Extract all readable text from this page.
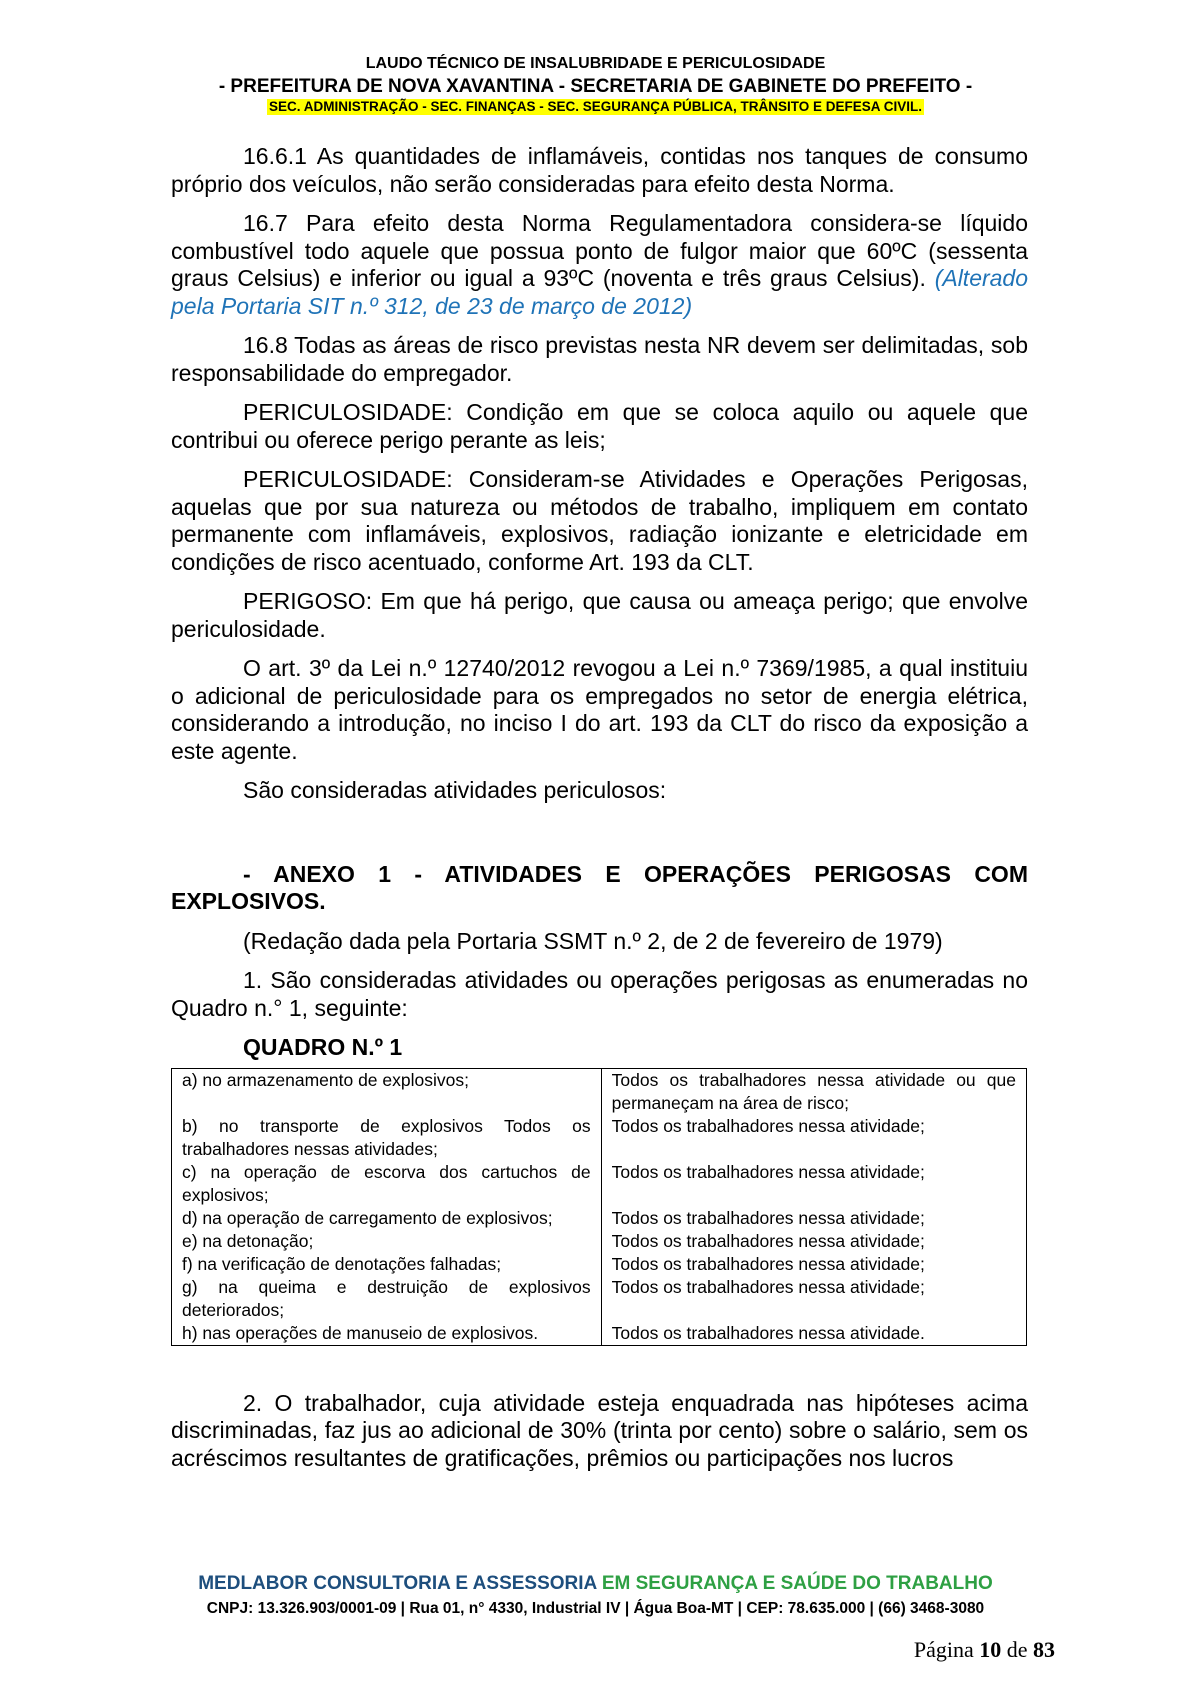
LAUDO TÉCNICO DE INSALUBRIDADE E PERICULOSIDADE
- PREFEITURA DE NOVA XAVANTINA - SECRETARIA DE GABINETE DO PREFEITO -
SEC. ADMINISTRAÇÃO - SEC. FINANÇAS - SEC. SEGURANÇA PÚBLICA, TRÂNSITO E DEFESA CIVIL.

16.6.1 As quantidades de inflamáveis, contidas nos tanques de consumo próprio dos veículos, não serão consideradas para efeito desta Norma.

16.7 Para efeito desta Norma Regulamentadora considera-se líquido combustível todo aquele que possua ponto de fulgor maior que 60ºC (sessenta graus Celsius) e inferior ou igual a 93ºC (noventa e três graus Celsius). (Alterado pela Portaria SIT n.º 312, de 23 de março de 2012)

16.8 Todas as áreas de risco previstas nesta NR devem ser delimitadas, sob responsabilidade do empregador.

PERICULOSIDADE: Condição em que se coloca aquilo ou aquele que contribui ou oferece perigo perante as leis;

PERICULOSIDADE: Consideram-se Atividades e Operações Perigosas, aquelas que por sua natureza ou métodos de trabalho, impliquem em contato permanente com inflamáveis, explosivos, radiação ionizante e eletricidade em condições de risco acentuado, conforme Art. 193 da CLT.

PERIGOSO: Em que há perigo, que causa ou ameaça perigo; que envolve periculosidade.

O art. 3º da Lei n.º 12740/2012 revogou a Lei n.º 7369/1985, a qual instituiu o adicional de periculosidade para os empregados no setor de energia elétrica, considerando a introdução, no inciso I do art. 193 da CLT do risco da exposição a este agente.

São consideradas atividades periculosos:

- ANEXO 1 - ATIVIDADES E OPERAÇÕES PERIGOSAS COM EXPLOSIVOS.

(Redação dada pela Portaria SSMT n.º 2, de 2 de fevereiro de 1979)

1. São consideradas atividades ou operações perigosas as enumeradas no Quadro n.° 1, seguinte:

QUADRO N.º 1

a) no armazenamento de explosivos;	Todos os trabalhadores nessa atividade ou que permaneçam na área de risco;
b) no transporte de explosivos Todos os trabalhadores nessas atividades;	Todos os trabalhadores nessa atividade;
c) na operação de escorva dos cartuchos de explosivos;	Todos os trabalhadores nessa atividade;
d) na operação de carregamento de explosivos;	Todos os trabalhadores nessa atividade;
e) na detonação;	Todos os trabalhadores nessa atividade;
f) na verificação de denotações falhadas;	Todos os trabalhadores nessa atividade;
g) na queima e destruição de explosivos deteriorados;	Todos os trabalhadores nessa atividade;
h) nas operações de manuseio de explosivos.	Todos os trabalhadores nessa atividade.

2. O trabalhador, cuja atividade esteja enquadrada nas hipóteses acima discriminadas, faz jus ao adicional de 30% (trinta por cento) sobre o salário, sem os acréscimos resultantes de gratificações, prêmios ou participações nos lucros

MEDLABOR CONSULTORIA E ASSESSORIA EM SEGURANÇA E SAÚDE DO TRABALHO
CNPJ: 13.326.903/0001-09 | Rua 01, n° 4330, Industrial IV | Água Boa-MT | CEP: 78.635.000 | (66) 3468-3080
Página 10 de 83
